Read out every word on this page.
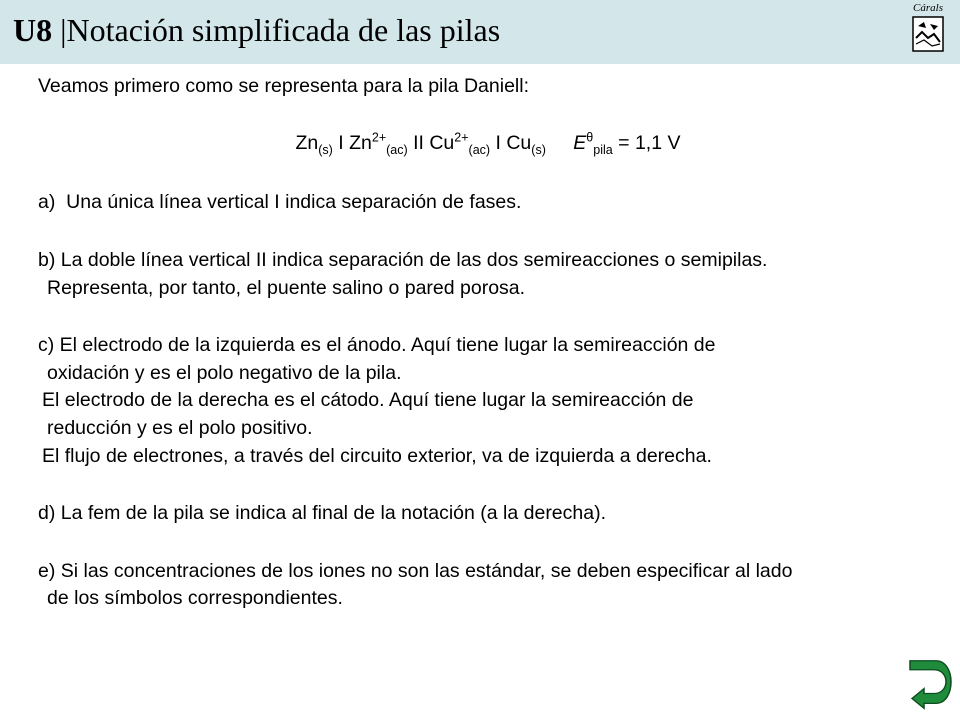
U8 |Notación simplificada de las pilas
Cárals
Veamos primero como se representa para la pila Daniell:
$Zn_{(s)}$ I $Zn^{2+}_{(ac)}$ II $Cu^{2+}_{(ac)}$ I $Cu_{(s)}$ $E^\theta_{pila} = 1,1$ V
a)  Una única línea vertical I indica separación de fases.
b) La doble línea vertical II indica separación de las dos semireacciones o semipilas.
Representa, por tanto, el puente salino o pared porosa.
c) El electrodo de la izquierda es el ánodo. Aquí tiene lugar la semireacción de
oxidación y es el polo negativo de la pila.
El electrodo de la derecha es el cátodo. Aquí tiene lugar la semireacción de
reducción y es el polo positivo.
El flujo de electrones, a través del circuito exterior, va de izquierda a derecha.
d) La fem de la pila se indica al final de la notación (a la derecha).
e) Si las concentraciones de los iones no son las estándar, se deben especificar al lado
de los símbolos correspondientes.
